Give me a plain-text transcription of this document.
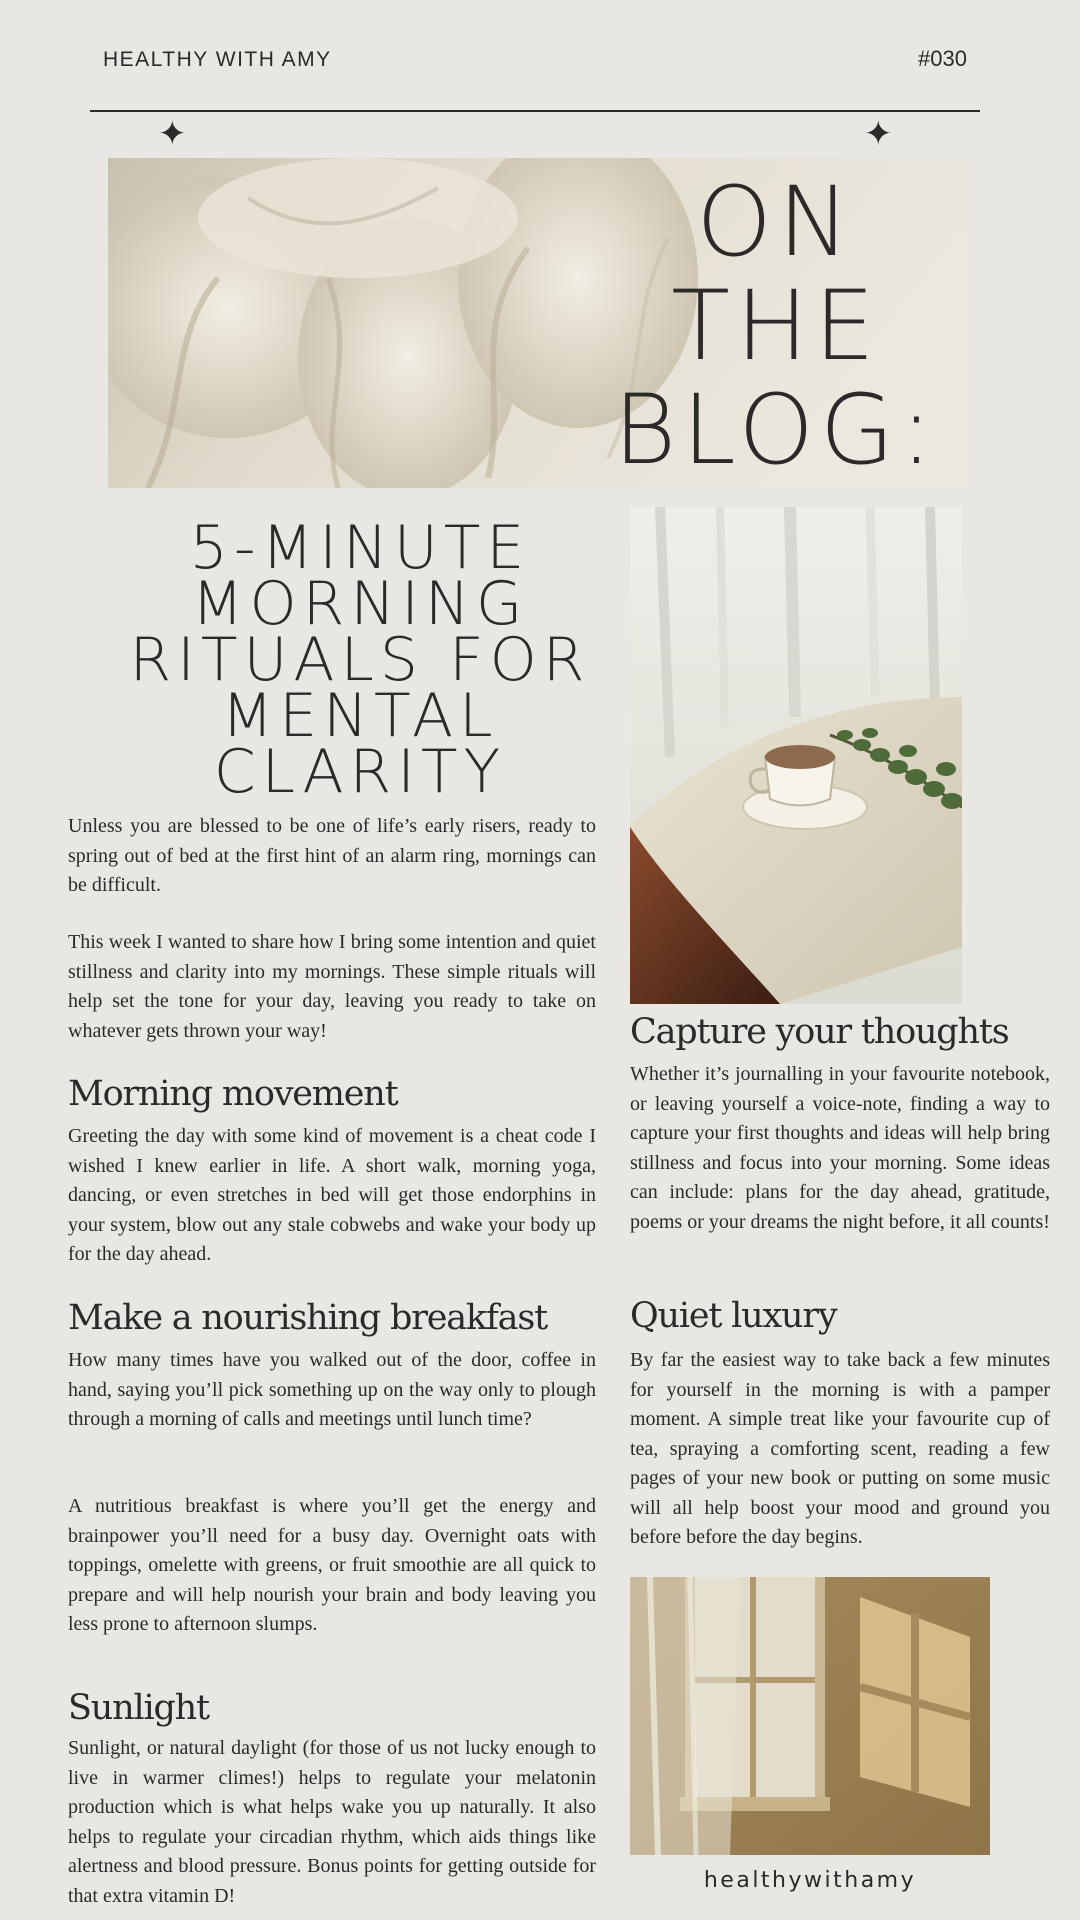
HEALTHY WITH AMY	#030
✦	✦
ON
THE
BLOG:
5-MINUTE
MORNING
RITUALS FOR
MENTAL
CLARITY
Unless you are blessed to be one of life’s early risers, ready to spring out of bed at the first hint of an alarm ring, mornings can be difficult.
This week I wanted to share how I bring some intention and quiet stillness and clarity into my mornings. These simple rituals will help set the tone for your day, leaving you ready to take on whatever gets thrown your way!
Morning movement
Greeting the day with some kind of movement is a cheat code I wished I knew earlier in life. A short walk, morning yoga, dancing, or even stretches in bed will get those endorphins in your system, blow out any stale cobwebs and wake your body up for the day ahead.
Make a nourishing breakfast
How many times have you walked out of the door, coffee in hand, saying you’ll pick something up on the way only to plough through a morning of calls and meetings until lunch time?
A nutritious breakfast is where you’ll get the energy and brainpower you’ll need for a busy day. Overnight oats with toppings, omelette with greens, or fruit smoothie are all quick to prepare and will help nourish your brain and body leaving you less prone to afternoon slumps.
Sunlight
Sunlight, or natural daylight (for those of us not lucky enough to live in warmer climes!) helps to regulate your melatonin production which is what helps wake you up naturally. It also helps to regulate your circadian rhythm, which aids things like alertness and blood pressure. Bonus points for getting outside for that extra vitamin D!
Capture your thoughts
Whether it’s journalling in your favourite notebook, or leaving yourself a voice-note, finding a way to capture your first thoughts and ideas will help bring stillness and focus into your morning. Some ideas can include: plans for the day ahead, gratitude, poems or your dreams the night before, it all counts!
Quiet luxury
By far the easiest way to take back a few minutes for yourself in the morning is with a pamper moment. A simple treat like your favourite cup of tea, spraying a comforting scent, reading a few pages of your new book or putting on some music will all help boost your mood and ground you before before the day begins.
healthywithamy
